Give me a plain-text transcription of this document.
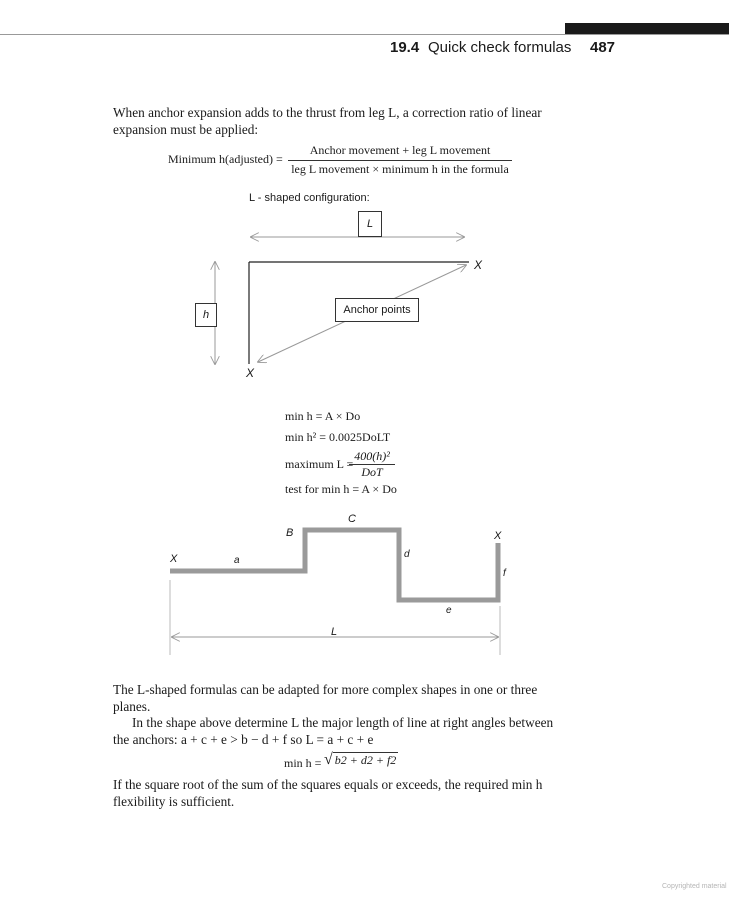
19.4 Quick check formulas 487
When anchor expansion adds to the thrust from leg L, a correction ratio of linear
expansion must be applied:
Minimum h(adjusted) =
Anchor movement + leg L movement
leg L movement × minimum h in the formula
L - shaped configuration:
L
h	Anchor points
X
X
min h = A × Do
min h² = 0.0025DoLT
maximum L =
400(h)²
DoT
test for min h = A × Do
X	a
B
C
d
e
f
X
L
The L-shaped formulas can be adapted for more complex shapes in one or three
planes.
In the shape above determine L the major length of line at right angles between
the anchors: a + c + e > b − d + f so L = a + c + e
min h = √ b2 + d2 + f2
If the square root of the sum of the squares equals or exceeds, the required min h
flexibility is sufficient.
Copyrighted material
